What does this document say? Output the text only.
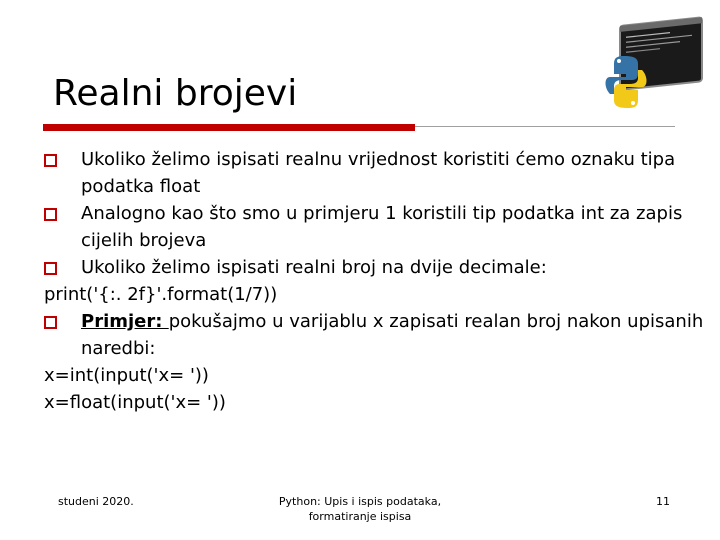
Realni brojevi
Ukoliko želimo ispisati realnu vrijednost koristiti ćemo oznaku tipa podatka float
Analogno kao što smo u primjeru 1 koristili tip podatka int za zapis cijelih brojeva
Ukoliko želimo ispisati realni broj na dvije decimale:
print('{:. 2f}'.format(1/7))
Primjer: pokušajmo u varijablu x zapisati realan broj nakon upisanih naredbi:
x=int(input('x= '))
x=float(input('x= '))
studeni 2020.	Python: Upis i ispis podataka,
formatiranje ispisa
11
